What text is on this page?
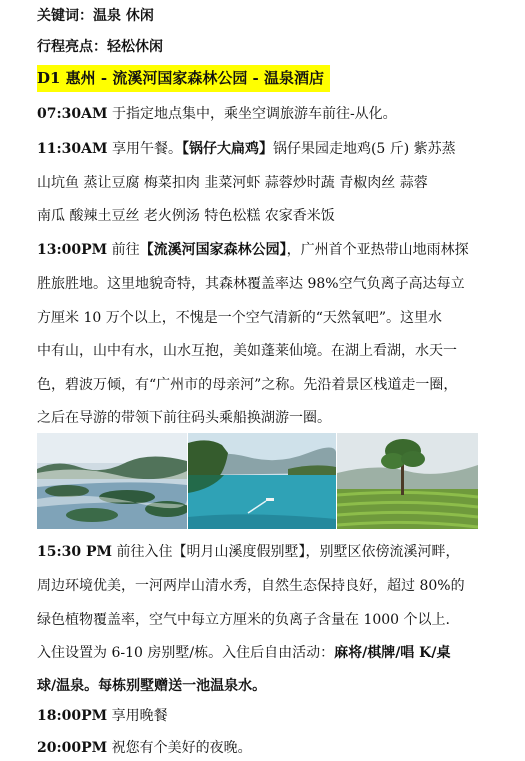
关键词：温泉 休闲
行程亮点：轻松休闲
D1 惠州 - 流溪河国家森林公园 - 温泉酒店
07:30AM 于指定地点集中，乘坐空调旅游车前往-从化。
11:30AM 享用午餐。【锅仔大扁鸡】锅仔果园走地鸡(5 斤) 紫苏蒸
山坑鱼 蒸让豆腐 梅菜扣肉 韭菜河虾 蒜蓉炒时蔬 青椒肉丝 蒜蓉
南瓜 酸辣土豆丝 老火例汤 特色松糕 农家香米饭
13:00PM 前往【流溪河国家森林公园】，广州首个亚热带山地雨林探
胜旅胜地。这里地貌奇特，其森林覆盖率达 98%空气负离子高达每立
方厘米 10 万个以上，不愧是一个空气清新的“天然氧吧”。这里水
中有山，山中有水，山水互抱，美如蓬莱仙境。在湖上看湖，水天一
色，碧波万倾，有“广州市的母亲河”之称。先沿着景区栈道走一圈，
之后在导游的带领下前往码头乘船换湖游一圈。
15:30 PM 前往入住【明月山溪度假别墅】，别墅区依傍流溪河畔，
周边环境优美，一河两岸山清水秀，自然生态保持良好，超过 80%的
绿色植物覆盖率，空气中每立方厘米的负离子含量在 1000 个以上.
入住设置为 6-10 房别墅/栋。入住后自由活动：麻将/棋牌/唱 K/桌
球/温泉。每栋别墅赠送一池温泉水。
18:00PM 享用晚餐
20:00PM 祝您有个美好的夜晚。
